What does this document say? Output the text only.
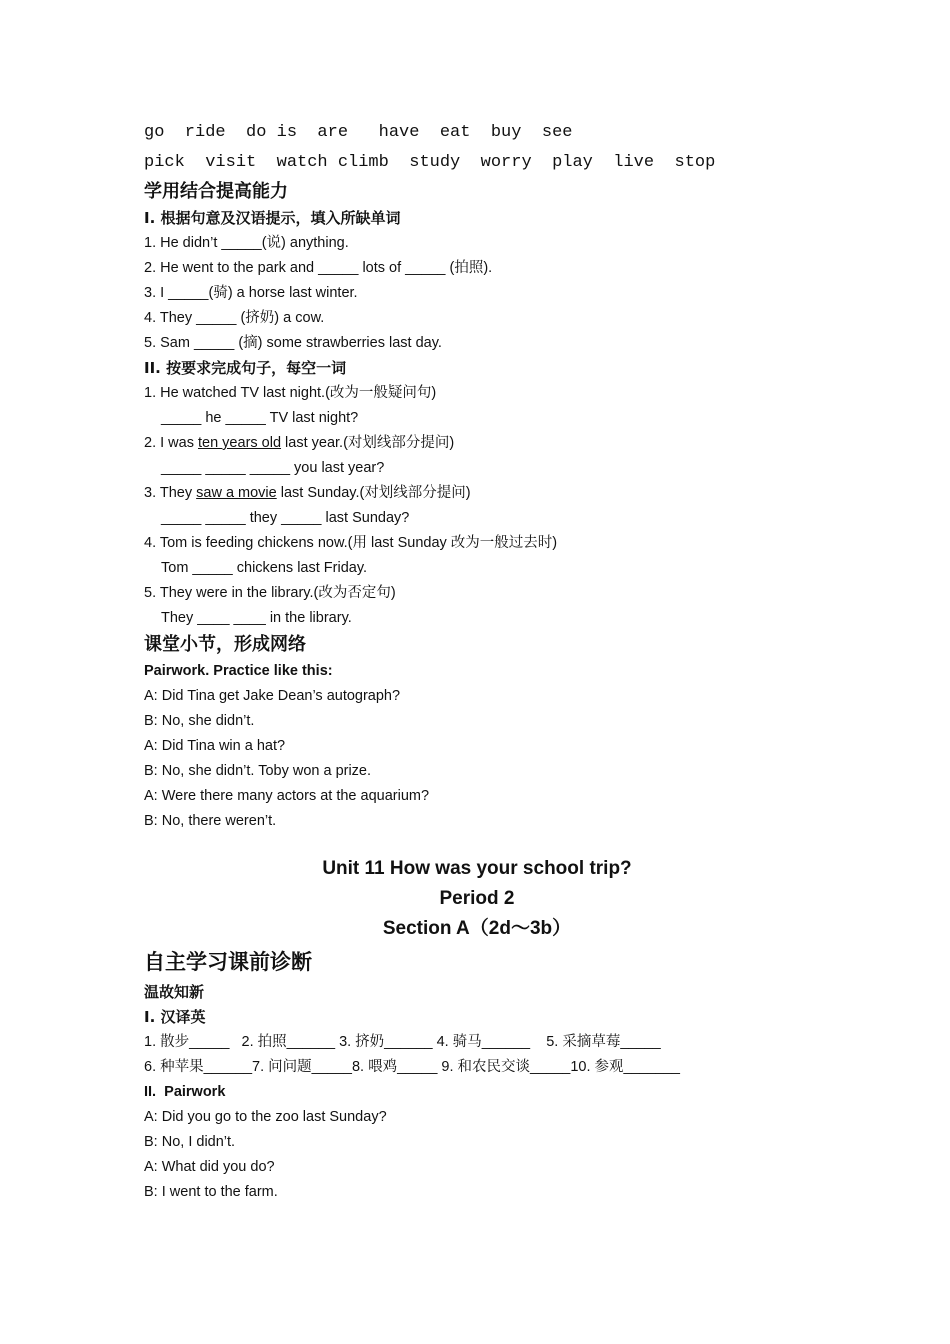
go  ride  do is  are   have  eat  buy  see
pick  visit  watch climb  study  worry  play  live  stop
学用结合提高能力
I. 根据句意及汉语提示，填入所缺单词
1. He didn’t _____(说) anything.
2. He went to the park and _____ lots of _____ (拍照).
3. I _____(骑) a horse last winter.
4. They _____ (挤奶) a cow.
5. Sam _____ (摘) some strawberries last day.
II. 按要求完成句子，每空一词
1. He watched TV last night.(改为一般疑问句)
_____ he _____ TV last night?
2. I was ten years old last year.(对划线部分提问)
_____ _____ _____ you last year?
3. They saw a movie last Sunday.(对划线部分提问)
_____ _____ they _____ last Sunday?
4. Tom is feeding chickens now.(用 last Sunday 改为一般过去时)
Tom _____ chickens last Friday.
5. They were in the library.(改为否定句)
They ____ ____ in the library.
课堂小节，形成网络
Pairwork. Practice like this:
A: Did Tina get Jake Dean’s autograph?
B: No, she didn’t.
A: Did Tina win a hat?
B: No, she didn’t. Toby won a prize.
A: Were there many actors at the aquarium?
B: No, there weren’t.
Unit 11 How was your school trip?
Period 2
Section A（2d～3b）
自主学习课前诊断
温故知新
I. 汉译英
1. 散步_____   2. 拍照______ 3. 挤奶______ 4. 骑马______    5. 采摘草莓_____
6. 种苹果______7. 问问题_____8. 喂鸡_____ 9. 和农民交谈_____10. 参观_______
II.  Pairwork
A: Did you go to the zoo last Sunday?
B: No, I didn’t.
A: What did you do?
B: I went to the farm.
